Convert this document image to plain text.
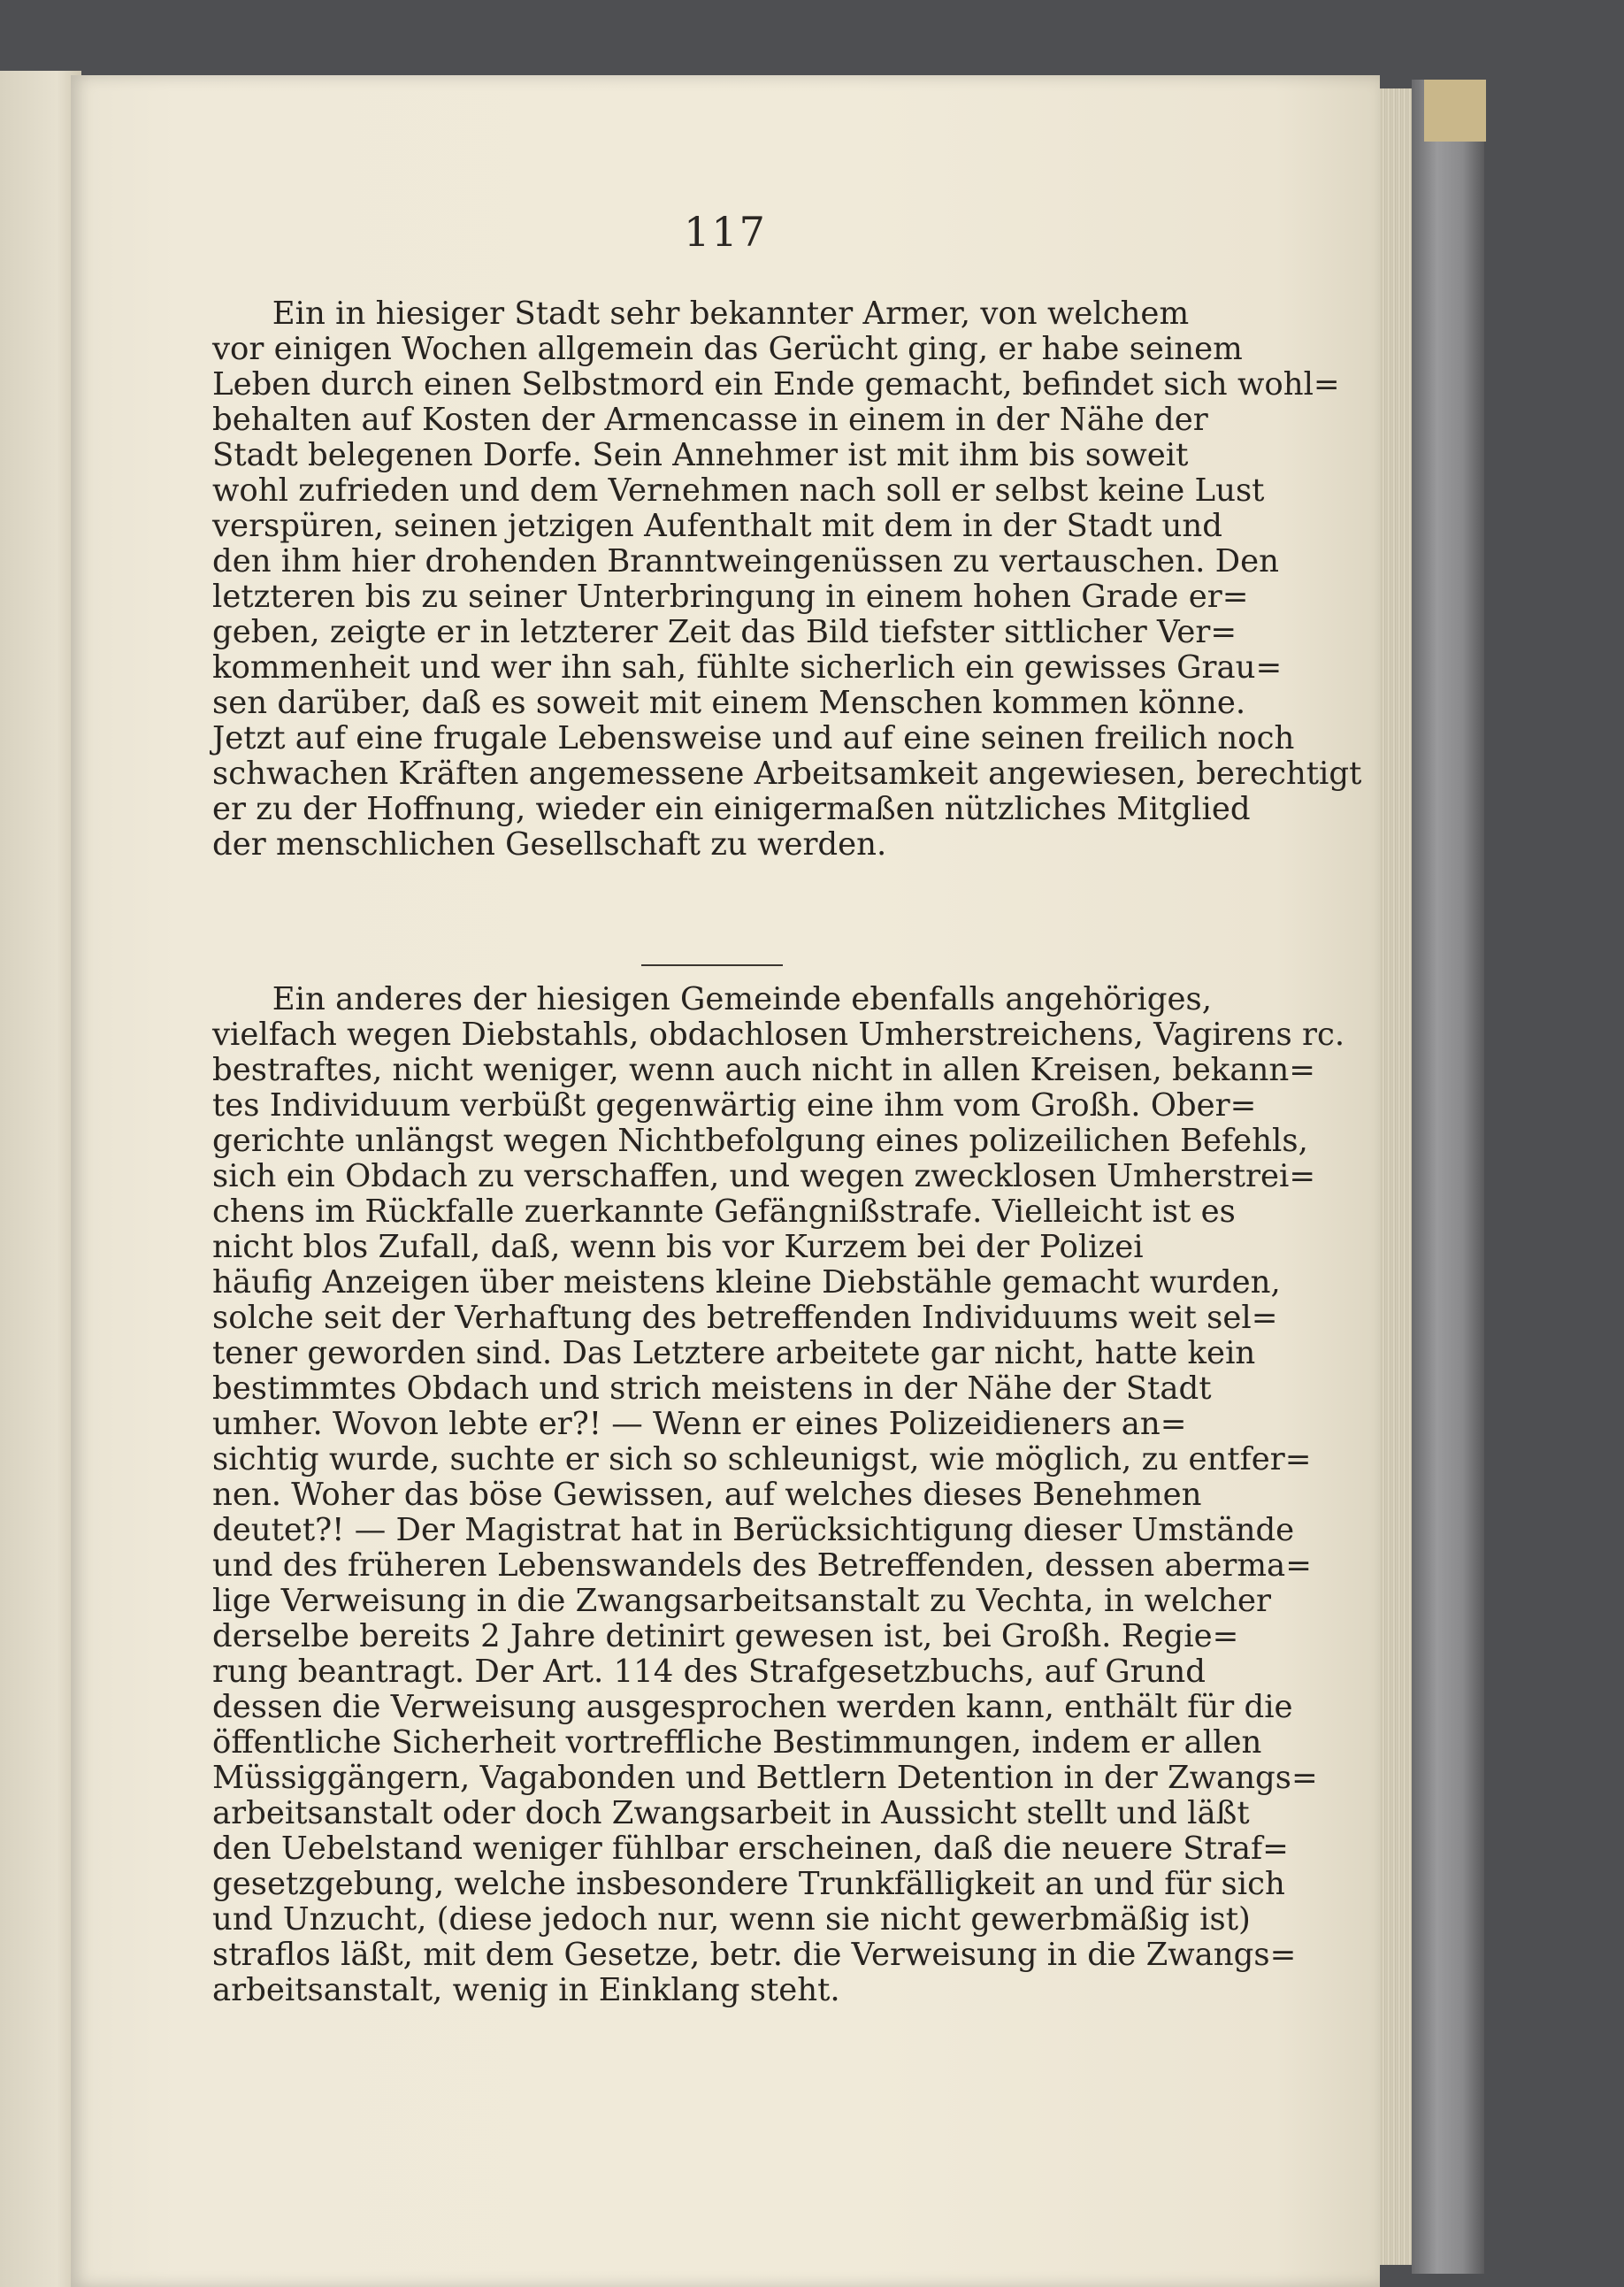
117
Ein in hiesiger Stadt sehr bekannter Armer, von welchem
vor einigen Wochen allgemein das Gerücht ging, er habe seinem
Leben durch einen Selbstmord ein Ende gemacht, befindet sich wohl=
behalten auf Kosten der Armencasse in einem in der Nähe der
Stadt belegenen Dorfe. Sein Annehmer ist mit ihm bis soweit
wohl zufrieden und dem Vernehmen nach soll er selbst keine Lust
verspüren, seinen jetzigen Aufenthalt mit dem in der Stadt und
den ihm hier drohenden Branntweingenüssen zu vertauschen. Den
letzteren bis zu seiner Unterbringung in einem hohen Grade er=
geben, zeigte er in letzterer Zeit das Bild tiefster sittlicher Ver=
kommenheit und wer ihn sah, fühlte sicherlich ein gewisses Grau=
sen darüber, daß es soweit mit einem Menschen kommen könne.
Jetzt auf eine frugale Lebensweise und auf eine seinen freilich noch
schwachen Kräften angemessene Arbeitsamkeit angewiesen, berechtigt
er zu der Hoffnung, wieder ein einigermaßen nützliches Mitglied
der menschlichen Gesellschaft zu werden.
Ein anderes der hiesigen Gemeinde ebenfalls angehöriges,
vielfach wegen Diebstahls, obdachlosen Umherstreichens, Vagirens rc.
bestraftes, nicht weniger, wenn auch nicht in allen Kreisen, bekann=
tes Individuum verbüßt gegenwärtig eine ihm vom Großh. Ober=
gerichte unlängst wegen Nichtbefolgung eines polizeilichen Befehls,
sich ein Obdach zu verschaffen, und wegen zwecklosen Umherstrei=
chens im Rückfalle zuerkannte Gefängnißstrafe. Vielleicht ist es
nicht blos Zufall, daß, wenn bis vor Kurzem bei der Polizei
häufig Anzeigen über meistens kleine Diebstähle gemacht wurden,
solche seit der Verhaftung des betreffenden Individuums weit sel=
tener geworden sind. Das Letztere arbeitete gar nicht, hatte kein
bestimmtes Obdach und strich meistens in der Nähe der Stadt
umher. Wovon lebte er?! — Wenn er eines Polizeidieners an=
sichtig wurde, suchte er sich so schleunigst, wie möglich, zu entfer=
nen. Woher das böse Gewissen, auf welches dieses Benehmen
deutet?! — Der Magistrat hat in Berücksichtigung dieser Umstände
und des früheren Lebenswandels des Betreffenden, dessen aberma=
lige Verweisung in die Zwangsarbeitsanstalt zu Vechta, in welcher
derselbe bereits 2 Jahre detinirt gewesen ist, bei Großh. Regie=
rung beantragt. Der Art. 114 des Strafgesetzbuchs, auf Grund
dessen die Verweisung ausgesprochen werden kann, enthält für die
öffentliche Sicherheit vortreffliche Bestimmungen, indem er allen
Müssiggängern, Vagabonden und Bettlern Detention in der Zwangs=
arbeitsanstalt oder doch Zwangsarbeit in Aussicht stellt und läßt
den Uebelstand weniger fühlbar erscheinen, daß die neuere Straf=
gesetzgebung, welche insbesondere Trunkfälligkeit an und für sich
und Unzucht, (diese jedoch nur, wenn sie nicht gewerbmäßig ist)
straflos läßt, mit dem Gesetze, betr. die Verweisung in die Zwangs=
arbeitsanstalt, wenig in Einklang steht.
